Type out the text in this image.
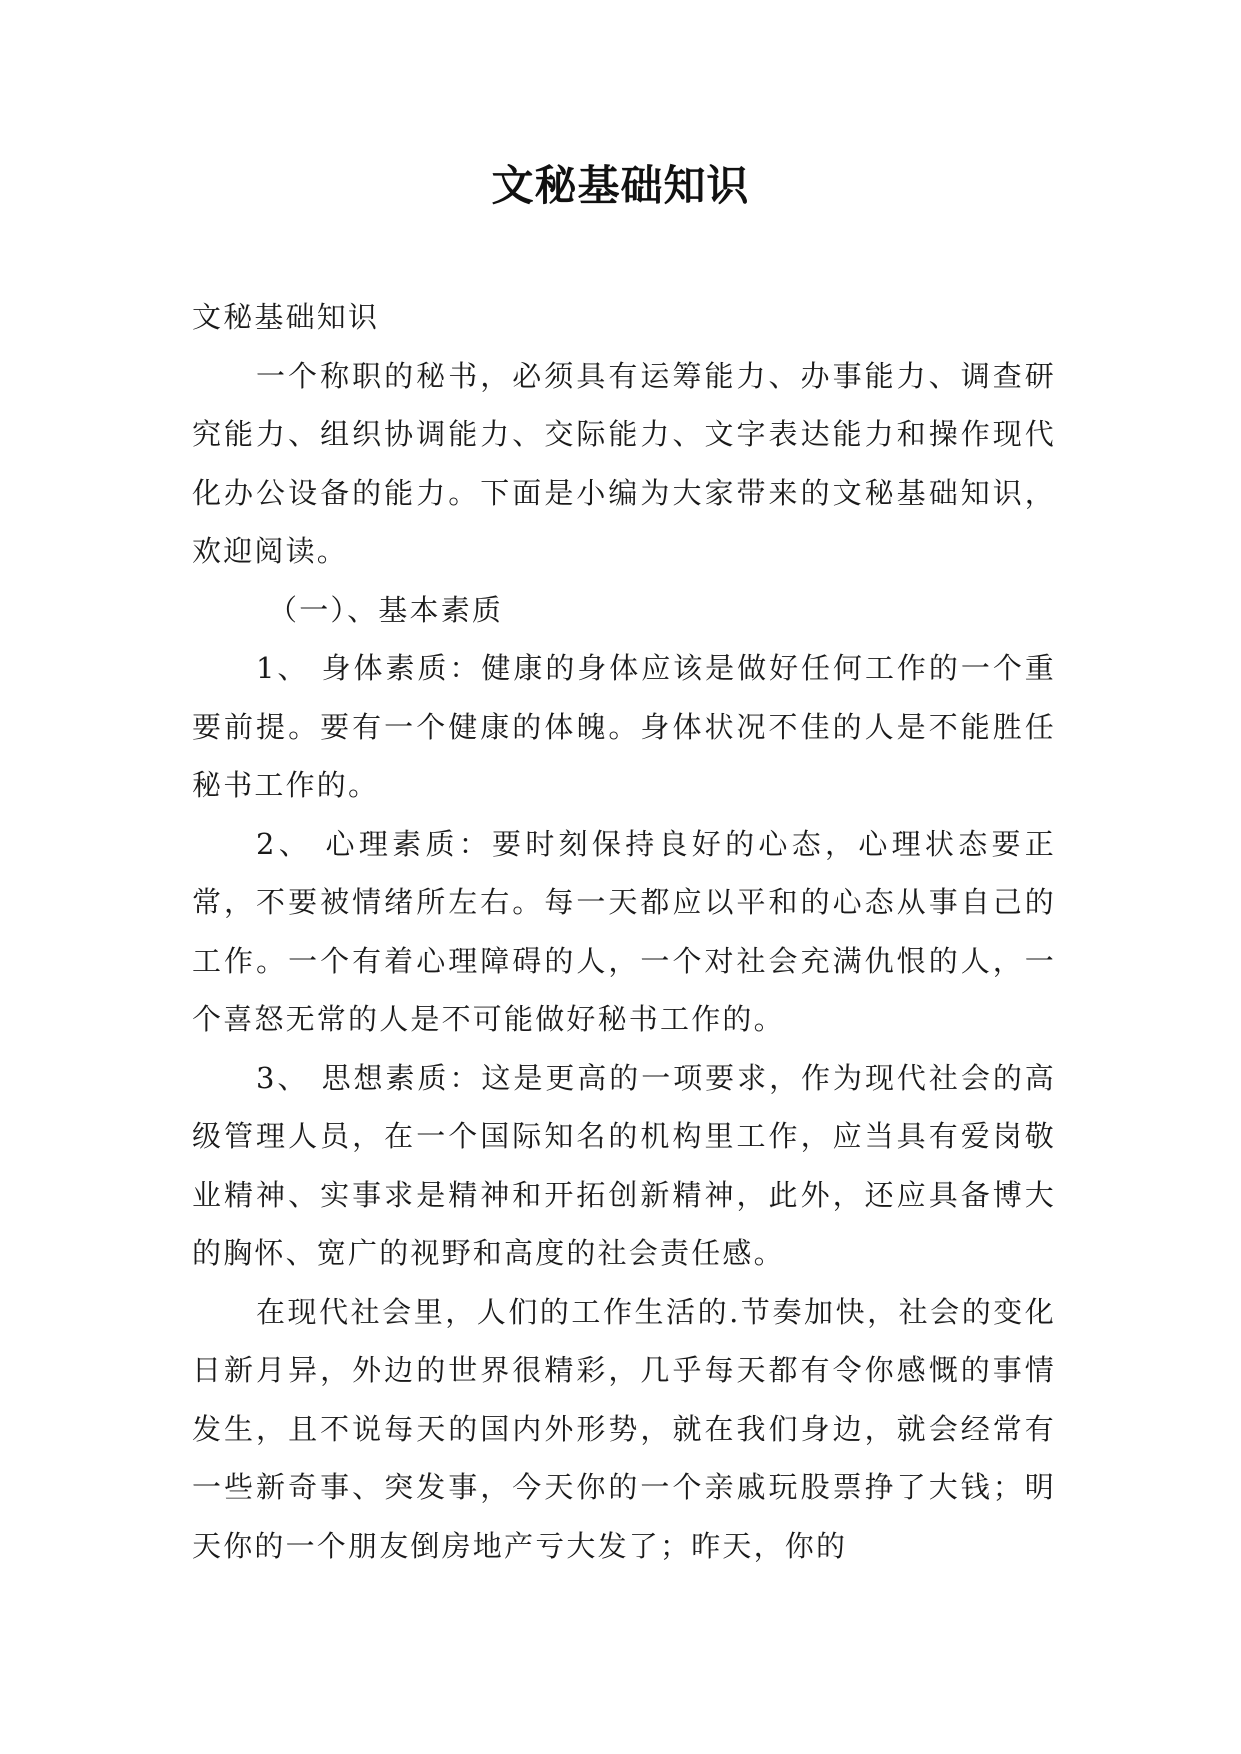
文秘基础知识

文秘基础知识

一个称职的秘书，必须具有运筹能力、办事能力、调查研究能力、组织协调能力、交际能力、文字表达能力和操作现代化办公设备的能力。下面是小编为大家带来的文秘基础知识，欢迎阅读。

（一）、基本素质

1、 身体素质：健康的身体应该是做好任何工作的一个重要前提。要有一个健康的体魄。身体状况不佳的人是不能胜任秘书工作的。

2、 心理素质：要时刻保持良好的心态，心理状态要正常，不要被情绪所左右。每一天都应以平和的心态从事自己的工作。一个有着心理障碍的人，一个对社会充满仇恨的人，一个喜怒无常的人是不可能做好秘书工作的。

3、 思想素质：这是更高的一项要求，作为现代社会的高级管理人员，在一个国际知名的机构里工作，应当具有爱岗敬业精神、实事求是精神和开拓创新精神，此外，还应具备博大的胸怀、宽广的视野和高度的社会责任感。

在现代社会里，人们的工作生活的.节奏加快，社会的变化日新月异，外边的世界很精彩，几乎每天都有令你感慨的事情发生，且不说每天的国内外形势，就在我们身边，就会经常有一些新奇事、突发事，今天你的一个亲戚玩股票挣了大钱；明天你的一个朋友倒房地产亏大发了；昨天，你的
